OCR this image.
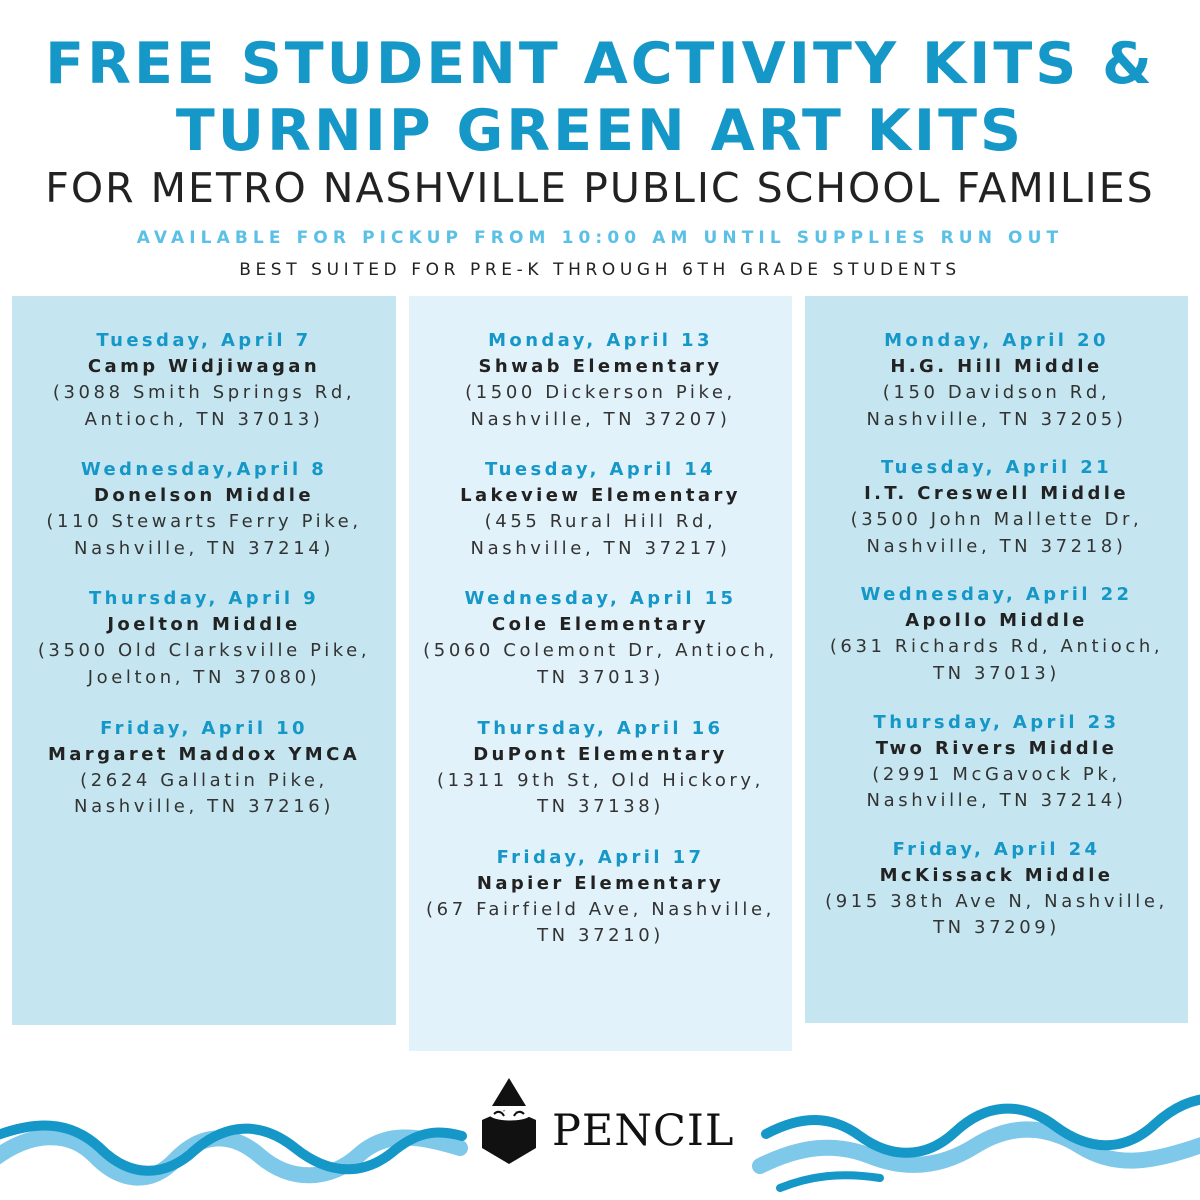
FREE STUDENT ACTIVITY KITS &
TURNIP GREEN ART KITS
FOR METRO NASHVILLE PUBLIC SCHOOL FAMILIES
AVAILABLE FOR PICKUP FROM 10:00 AM UNTIL SUPPLIES RUN OUT
BEST SUITED FOR PRE-K THROUGH 6TH GRADE STUDENTS
Tuesday, April 7
Camp Widjiwagan
(3088 Smith Springs Rd, Antioch, TN 37013)
Wednesday,April 8
Donelson Middle
(110 Stewarts Ferry Pike, Nashville, TN 37214)
Thursday, April 9
Joelton Middle
(3500 Old Clarksville Pike, Joelton, TN 37080)
Friday, April 10
Margaret Maddox YMCA
(2624 Gallatin Pike, Nashville, TN 37216)
Monday, April 13
Shwab Elementary
(1500 Dickerson Pike, Nashville, TN 37207)
Tuesday, April 14
Lakeview Elementary
(455 Rural Hill Rd, Nashville, TN 37217)
Wednesday, April 15
Cole Elementary
(5060 Colemont Dr, Antioch, TN 37013)
Thursday, April 16
DuPont Elementary
(1311 9th St, Old Hickory, TN 37138)
Friday, April 17
Napier Elementary
(67 Fairfield Ave, Nashville, TN 37210)
Monday, April 20
H.G. Hill Middle
(150 Davidson Rd, Nashville, TN 37205)
Tuesday, April 21
I.T. Creswell Middle
(3500 John Mallette Dr, Nashville, TN 37218)
Wednesday, April 22
Apollo Middle
(631 Richards Rd, Antioch, TN 37013)
Thursday, April 23
Two Rivers Middle
(2991 McGavock Pk, Nashville, TN 37214)
Friday, April 24
McKissack Middle
(915 38th Ave N, Nashville, TN 37209)
PENCIL
